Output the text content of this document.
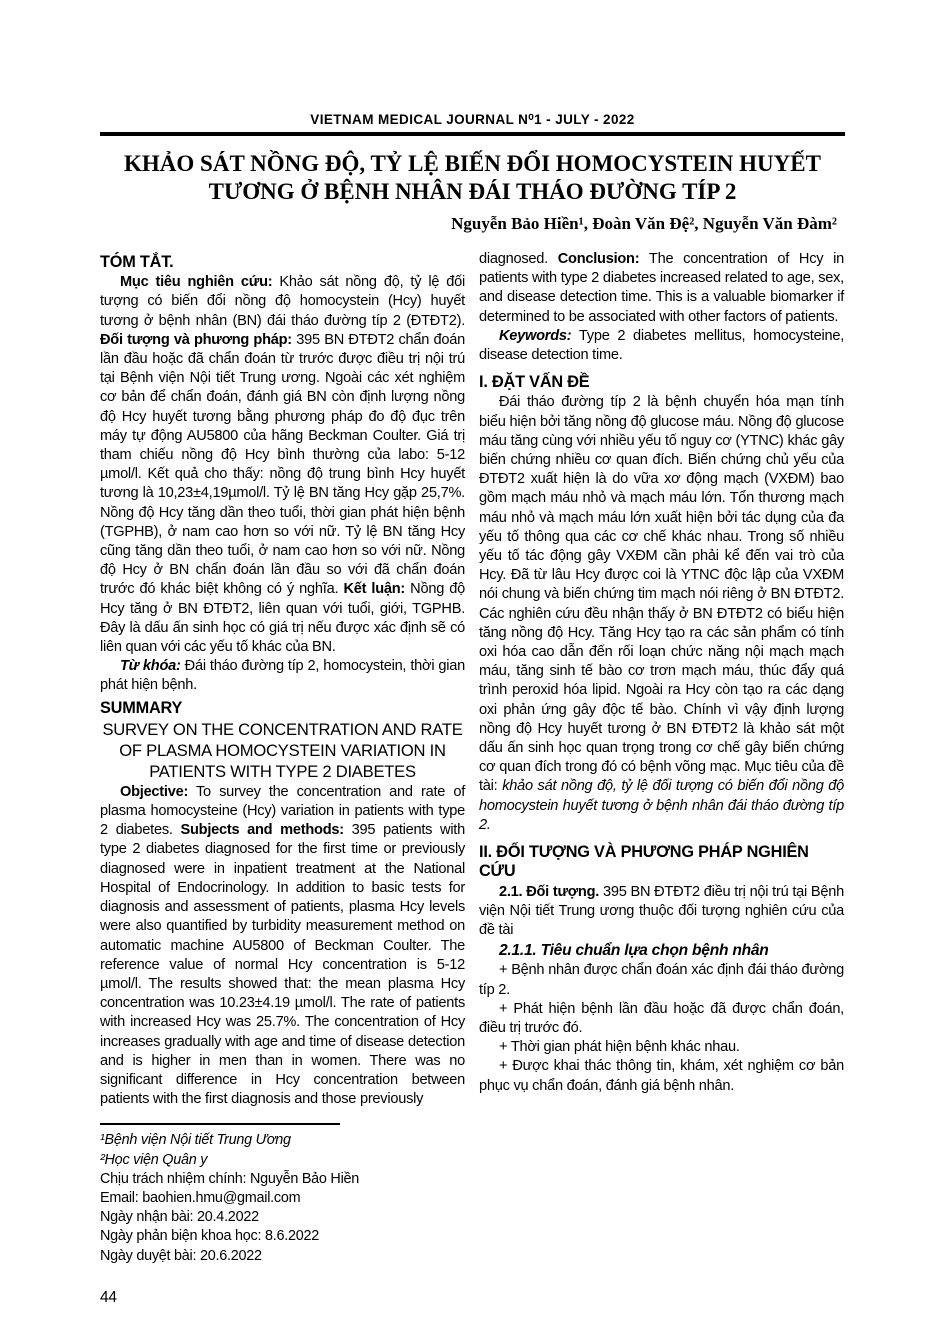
VIETNAM MEDICAL JOURNAL N⁰1 - JULY - 2022
KHẢO SÁT NỒNG ĐỘ, TỶ LỆ BIẾN ĐỔI HOMOCYSTEIN HUYẾT TƯƠNG Ở BỆNH NHÂN ĐÁI THÁO ĐƯỜNG TÍP 2
Nguyễn Bảo Hiền¹, Đoàn Văn Đệ², Nguyễn Văn Đàm²
TÓM TẮT.

Mục tiêu nghiên cứu: Khảo sát nồng độ, tỷ lệ đối tượng có biến đổi nồng độ homocystein (Hcy) huyết tương ở bệnh nhân (BN) đái tháo đường típ 2 (ĐTĐT2). Đối tượng và phương pháp: 395 BN ĐTĐT2 chẩn đoán lần đầu hoặc đã chẩn đoán từ trước được điều trị nội trú tại Bệnh viện Nội tiết Trung ương. Ngoài các xét nghiệm cơ bản để chẩn đoán, đánh giá BN còn định lượng nồng độ Hcy huyết tương bằng phương pháp đo độ đục trên máy tự động AU5800 của hãng Beckman Coulter. Giá trị tham chiếu nồng độ Hcy bình thường của labo: 5-12 µmol/l. Kết quả cho thấy: nồng độ trung bình Hcy huyết tương là 10,23±4,19µmol/l. Tỷ lệ BN tăng Hcy gặp 25,7%. Nồng độ Hcy tăng dần theo tuổi, thời gian phát hiện bệnh (TGPHB), ở nam cao hơn so với nữ. Tỷ lệ BN tăng Hcy cũng tăng dần theo tuổi, ở nam cao hơn so với nữ. Nồng độ Hcy ở BN chẩn đoán lần đầu so với đã chẩn đoán trước đó khác biệt không có ý nghĩa. Kết luận: Nồng độ Hcy tăng ở BN ĐTĐT2, liên quan với tuổi, giới, TGPHB. Đây là dấu ấn sinh học có giá trị nếu được xác định sẽ có liên quan với các yếu tố khác của BN.

Từ khóa: Đái tháo đường típ 2, homocystein, thời gian phát hiện bệnh.

SUMMARY
SURVEY ON THE CONCENTRATION AND RATE OF PLASMA HOMOCYSTEIN VARIATION IN PATIENTS WITH TYPE 2 DIABETES

Objective: To survey the concentration and rate of plasma homocysteine (Hcy) variation in patients with type 2 diabetes. Subjects and methods: 395 patients with type 2 diabetes diagnosed for the first time or previously diagnosed were in inpatient treatment at the National Hospital of Endocrinology. In addition to basic tests for diagnosis and assessment of patients, plasma Hcy levels were also quantified by turbidity measurement method on automatic machine AU5800 of Beckman Coulter. The reference value of normal Hcy concentration is 5-12 µmol/l. The results showed that: the mean plasma Hcy concentration was 10.23±4.19 µmol/l. The rate of patients with increased Hcy was 25.7%. The concentration of Hcy increases gradually with age and time of disease detection and is higher in men than in women. There was no significant difference in Hcy concentration between patients with the first diagnosis and those previously

¹Bệnh viện Nội tiết Trung Ương

²Học viện Quân y

Chịu trách nhiệm chính: Nguyễn Bảo Hiền

Email: baohien.hmu@gmail.com

Ngày nhận bài: 20.4.2022

Ngày phản biện khoa học: 8.6.2022

Ngày duyệt bài: 20.6.2022

44

diagnosed. Conclusion: The concentration of Hcy in patients with type 2 diabetes increased related to age, sex, and disease detection time. This is a valuable biomarker if determined to be associated with other factors of patients.

Keywords: Type 2 diabetes mellitus, homocysteine, disease detection time.

I. ĐẶT VẤN ĐỀ

Đái tháo đường típ 2 là bệnh chuyển hóa mạn tính biểu hiện bởi tăng nồng độ glucose máu. Nồng độ glucose máu tăng cùng với nhiều yếu tố nguy cơ (YTNC) khác gây biến chứng nhiều cơ quan đích. Biến chứng chủ yếu của ĐTĐT2 xuất hiện là do vữa xơ động mạch (VXĐM) bao gồm mạch máu nhỏ và mạch máu lớn. Tổn thương mạch máu nhỏ và mạch máu lớn xuất hiện bởi tác dụng của đa yếu tố thông qua các cơ chế khác nhau. Trong số nhiều yếu tố tác động gây VXĐM cần phải kể đến vai trò của Hcy. Đã từ lâu Hcy được coi là YTNC độc lập của VXĐM nói chung và biến chứng tim mạch nói riêng ở BN ĐTĐT2. Các nghiên cứu đều nhận thấy ở BN ĐTĐT2 có biểu hiện tăng nồng độ Hcy. Tăng Hcy tạo ra các sản phẩm có tính oxi hóa cao dẫn đến rối loạn chức năng nội mạch mạch máu, tăng sinh tế bào cơ trơn mạch máu, thúc đẩy quá trình peroxid hóa lipid. Ngoài ra Hcy còn tạo ra các dạng oxi phản ứng gây độc tế bào. Chính vì vậy định lượng nồng độ Hcy huyết tương ở BN ĐTĐT2 là khảo sát một dấu ấn sinh học quan trọng trong cơ chế gây biến chứng cơ quan đích trong đó có bệnh võng mạc. Mục tiêu của đề tài: khảo sát nồng độ, tỷ lệ đối tượng có biến đổi nồng độ homocystein huyết tương ở bệnh nhân đái tháo đường típ 2.

II. ĐỐI TƯỢNG VÀ PHƯƠNG PHÁP NGHIÊN CỨU

2.1. Đối tượng. 395 BN ĐTĐT2 điều trị nội trú tại Bệnh viện Nội tiết Trung ương thuộc đối tượng nghiên cứu của đề tài

2.1.1. Tiêu chuẩn lựa chọn bệnh nhân

+ Bệnh nhân được chẩn đoán xác định đái tháo đường típ 2.

+ Phát hiện bệnh lần đầu hoặc đã được chẩn đoán, điều trị trước đó.

+ Thời gian phát hiện bệnh khác nhau.

+ Được khai thác thông tin, khám, xét nghiệm cơ bản phục vụ chẩn đoán, đánh giá bệnh nhân.
